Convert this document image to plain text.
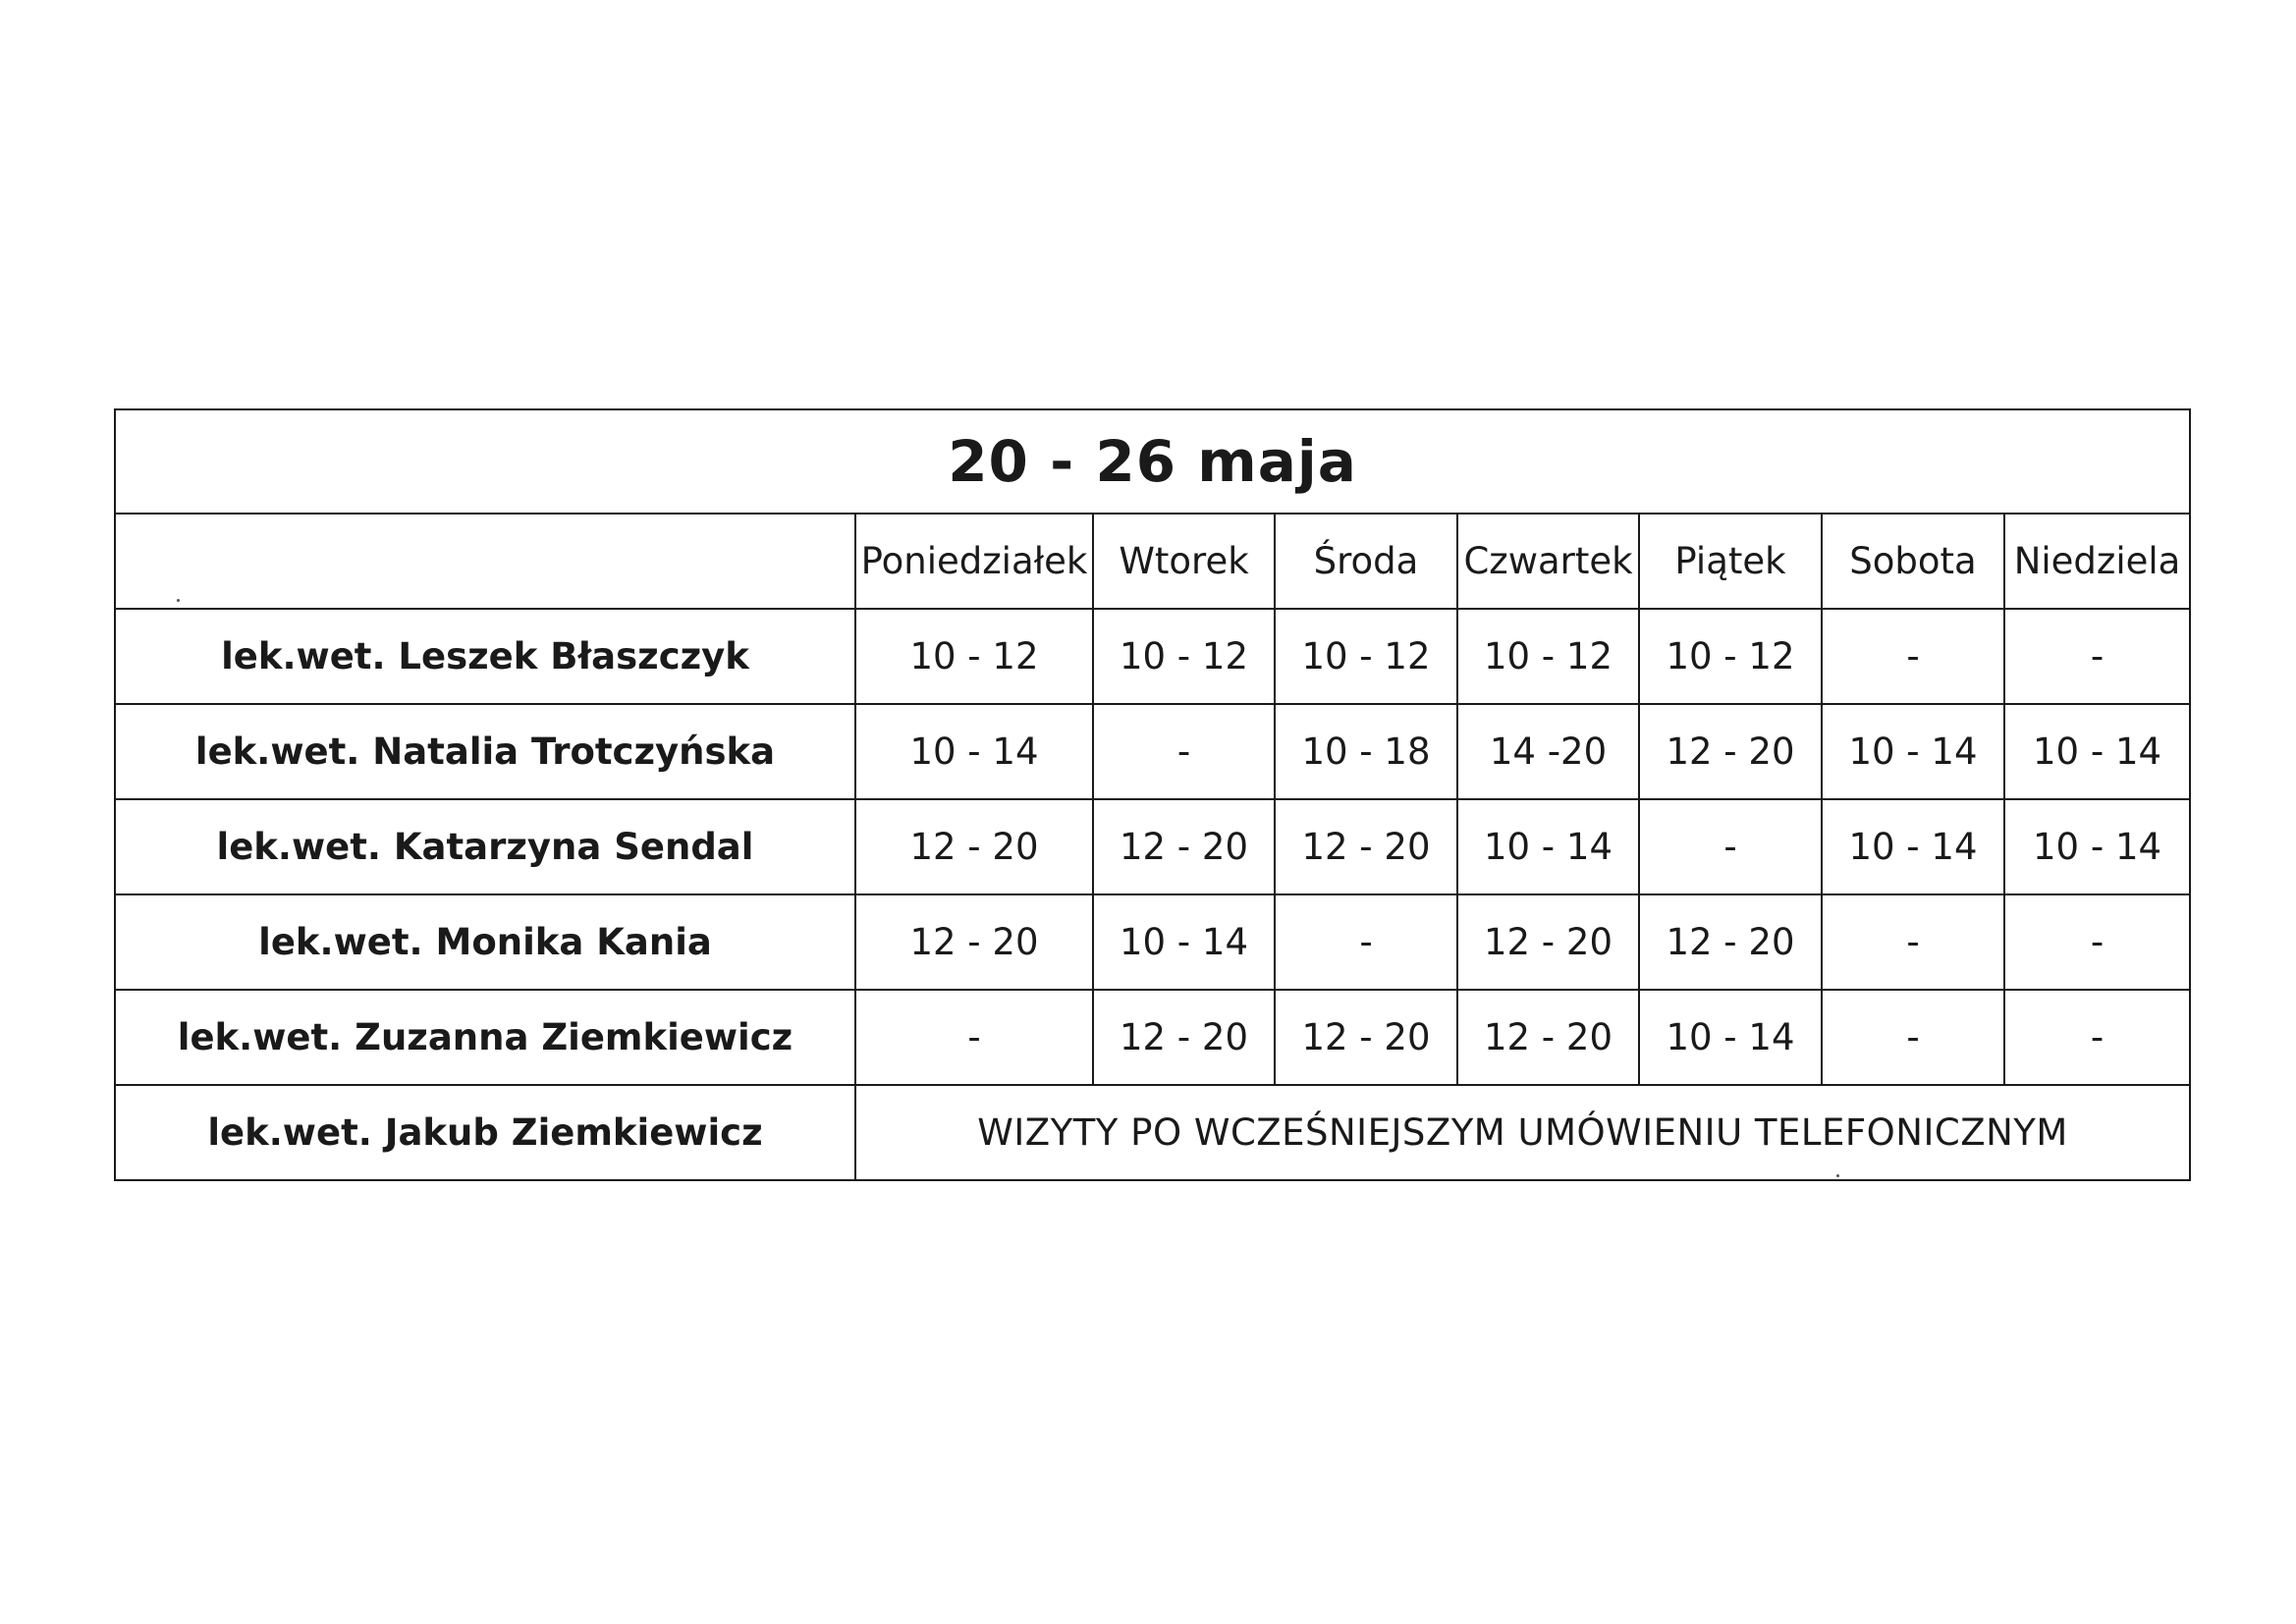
20 - 26 maja							
	Poniedziałek	Wtorek	Środa	Czwartek	Piątek	Sobota	Niedziela
lek.wet. Leszek Błaszczyk	10 - 12	10 - 12	10 - 12	10 - 12	10 - 12	-	-
lek.wet. Natalia Trotczyńska	10 - 14	-	10 - 18	14 -20	12 - 20	10 - 14	10 - 14
lek.wet. Katarzyna Sendal	12 - 20	12 - 20	12 - 20	10 - 14	-	10 - 14	10 - 14
lek.wet. Monika Kania	12 - 20	10 - 14	-	12 - 20	12 - 20	-	-
lek.wet. Zuzanna Ziemkiewicz	-	12 - 20	12 - 20	12 - 20	10 - 14	-	-
lek.wet. Jakub Ziemkiewicz	WIZYTY PO WCZEŚNIEJSZYM UMÓWIENIU TELEFONICZNYM						
